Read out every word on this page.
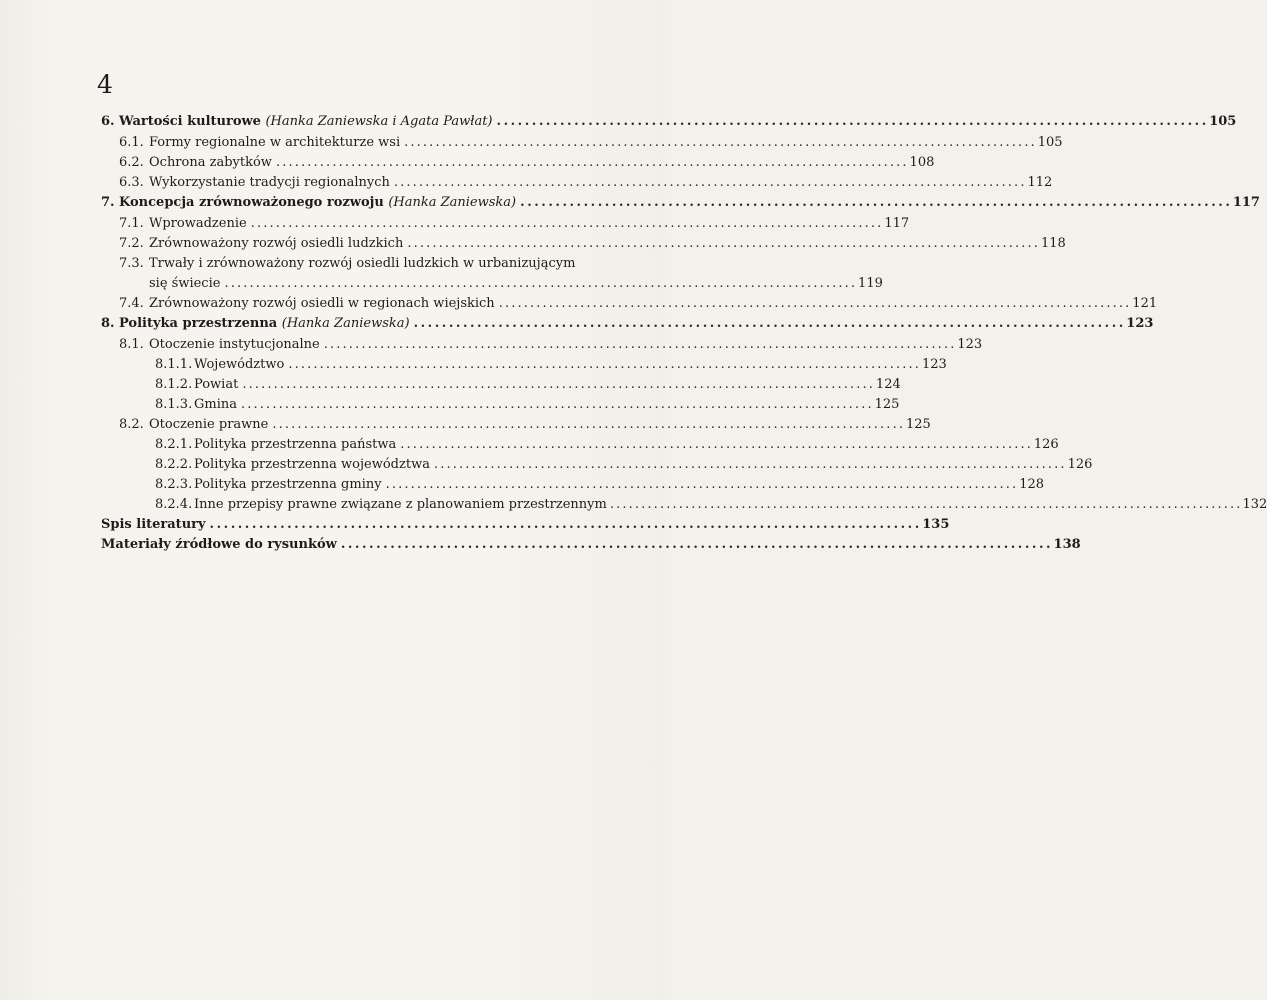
4
6. Wartości kulturowe (Hanka Zaniewska i Agata Pawłat) . . .	105
6.1. Formy regionalne w architekturze wsi . . .	105
6.2. Ochrona zabytków . . .	108
6.3. Wykorzystanie tradycji regionalnych . . .	112
7. Koncepcja zrównoważonego rozwoju (Hanka Zaniewska) . . .	117
7.1. Wprowadzenie . . .	117
7.2. Zrównoważony rozwój osiedli ludzkich . . .	118
7.3. Trwały i zrównoważony rozwój osiedli ludzkich w urbanizującym
się świecie . . .	119
7.4. Zrównoważony rozwój osiedli w regionach wiejskich . . .	121
8. Polityka przestrzenna (Hanka Zaniewska) . . .	123
8.1. Otoczenie instytucjonalne . . .	123
8.1.1. Województwo . . .	123
8.1.2. Powiat . . .	124
8.1.3. Gmina . . .	125
8.2. Otoczenie prawne . . .	125
8.2.1. Polityka przestrzenna państwa . . .	126
8.2.2. Polityka przestrzenna województwa . . .	126
8.2.3. Polityka przestrzenna gminy . . .	128
8.2.4. Inne przepisy prawne związane z planowaniem przestrzennym . . .	132
Spis literatury . . .	135
Materiały źródłowe do rysunków . . .	138
